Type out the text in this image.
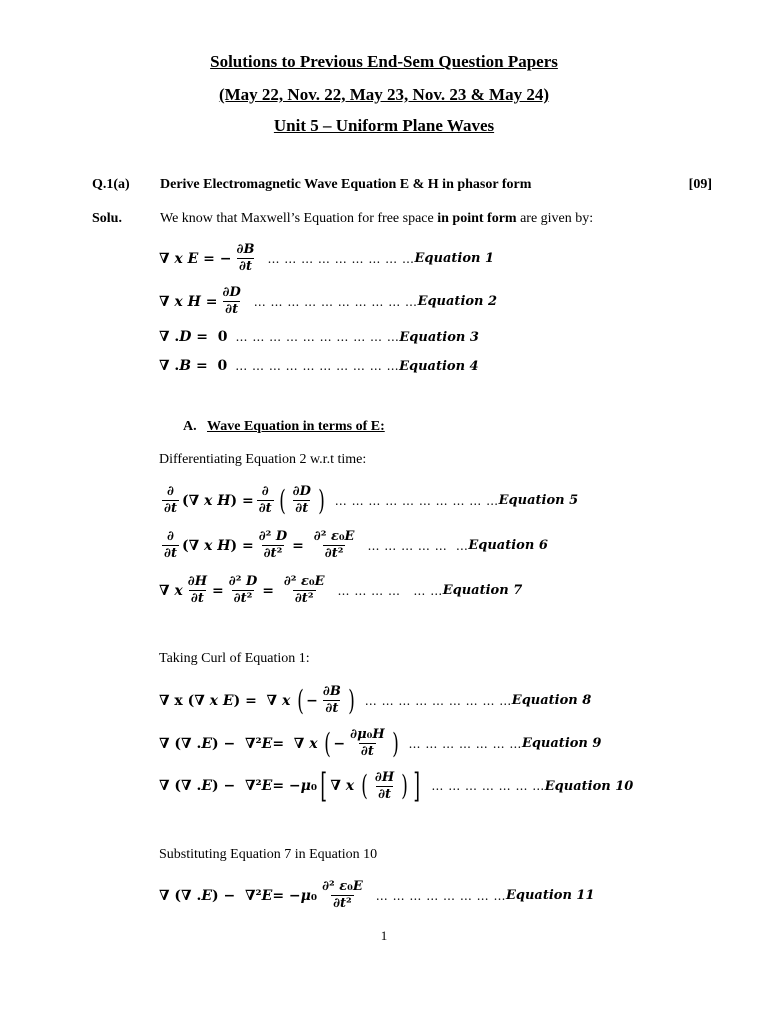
Solutions to Previous End-Sem Question Papers
(May 22, Nov. 22, May 23, Nov. 23 & May 24)
Unit 5 – Uniform Plane Waves
Q.1(a) Derive Electromagnetic Wave Equation E & H in phasor form	[09]
Solu.	We know that Maxwell’s Equation for free space in point form are given by:
∇ x E = − $\frac{\partial B}{\partial t}$ … … … … … … … … … Equation 1
∇ x $H = \frac{\partial D}{\partial t}$ … … … … … … … … … … Equation 2
∇ . D =  0 … … … … … … … … … … Equation 3
∇ . B =  0 … … … … … … … … … … Equation 4
A. Wave Equation in terms of E:
Differentiating Equation 2 w.r.t time:
$\frac{\partial}{\partial t}$ (∇ x H ) = $\frac{\partial}{\partial t}$ ( $\frac{\partial D}{\partial t}$ ) … … … … … … … … … … Equation 5
$\frac{\partial}{\partial t}$ (∇ x H ) = $\frac{\text{∂² D}}{\text{∂t²}} = \frac{\text{∂² ε₀E}}{\text{∂t²}}$ … … … … …  … Equation 6
∇ x $\frac{\partial H}{\partial t} = \frac{\text{∂² D}}{\text{∂t²}} = \frac{\text{∂² ε₀E}}{\text{∂t²}}$ … … … …   … … Equation 7
Taking Curl of Equation 1:
∇ x (∇ x E ) =  ∇ x
( − $\frac{\partial B}{\partial t}$ ) … … … … … … … … … Equation 8
∇ (∇ . E ) −  ∇² E =  ∇ x
( − $\frac{\text{∂μ₀H}}{\partial t}$ ) … … … … … … … Equation 9
∇ (∇ . E ) −  ∇² E = − μ ₀ [ ∇ x
( $\frac{\partial H}{\partial t}$ ) ] … … … … … … … Equation 10
Substituting Equation 7 in Equation 10
∇ (∇ . E ) −  ∇² E = − μ $_0 \frac{\text{∂² ε₀E}}{\text{∂t²}}$ … … … … … … … … Equation 11
1
